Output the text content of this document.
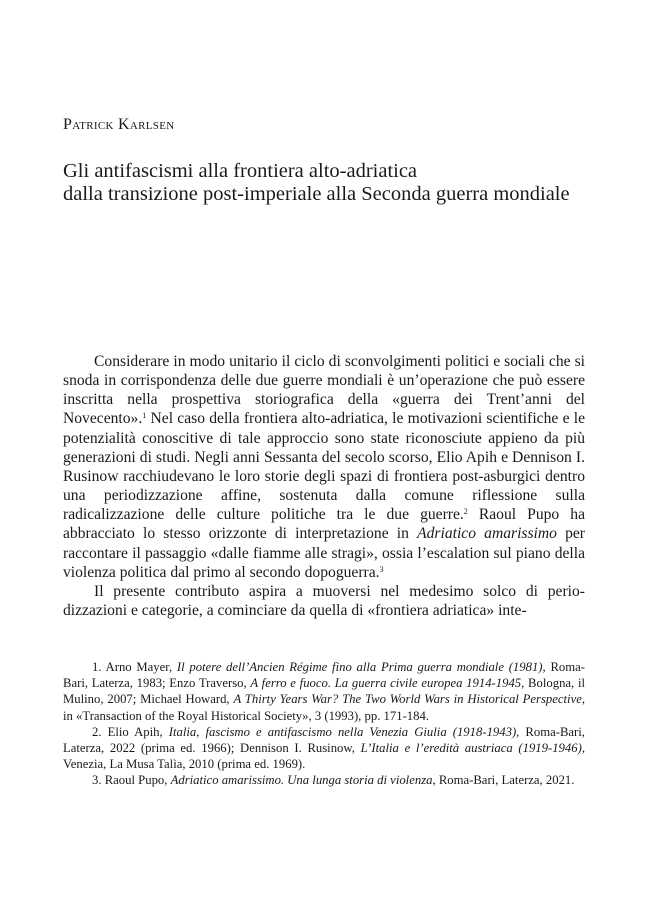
Patrick Karlsen
Gli antifascismi alla frontiera alto-adriatica
dalla transizione post-imperiale alla Seconda guerra mondiale

Considerare in modo unitario il ciclo di sconvolgimenti politici e sociali che si snoda in corrispondenza delle due guerre mondiali è un’operazione che può essere inscritta nella prospettiva storiografica della «guerra dei Trent’anni del Novecento».$^1$ Nel caso della frontiera alto-adriatica, le motivazioni scientifiche e le potenzialità conoscitive di tale approccio sono state riconosciute appieno da più generazioni di studi. Negli anni Sessanta del secolo scorso, Elio Apih e Dennison I. Rusinow racchiudevano le loro storie degli spazi di frontiera post-asburgici dentro una periodizzazione affine, sostenuta dalla comune riflessione sulla radicalizzazione delle culture politiche tra le due guerre.$^2$ Raoul Pupo ha abbracciato lo stesso orizzonte di interpretazione in Adriatico amarissimo per raccontare il passaggio «dalle fiamme alle stragi», ossia l’escalation sul piano della violenza politica dal primo al secondo dopoguerra.$^3$

Il presente contributo aspira a muoversi nel medesimo solco di periodizzazioni e categorie, a cominciare da quella di «frontiera adriatica» inte-

1. Arno Mayer, Il potere dell’Ancien Régime fino alla Prima guerra mondiale (1981), Roma-Bari, Laterza, 1983; Enzo Traverso, A ferro e fuoco. La guerra civile europea 1914-1945, Bologna, il Mulino, 2007; Michael Howard, A Thirty Years War? The Two World Wars in Historical Perspective, in «Transaction of the Royal Historical Society», 3 (1993), pp. 171-184.

2. Elio Apih, Italia, fascismo e antifascismo nella Venezia Giulia (1918-1943), Roma-Bari, Laterza, 2022 (prima ed. 1966); Dennison I. Rusinow, L’Italia e l’eredità austriaca (1919-1946), Venezia, La Musa Talìa, 2010 (prima ed. 1969).

3. Raoul Pupo, Adriatico amarissimo. Una lunga storia di violenza, Roma-Bari, Laterza, 2021.
